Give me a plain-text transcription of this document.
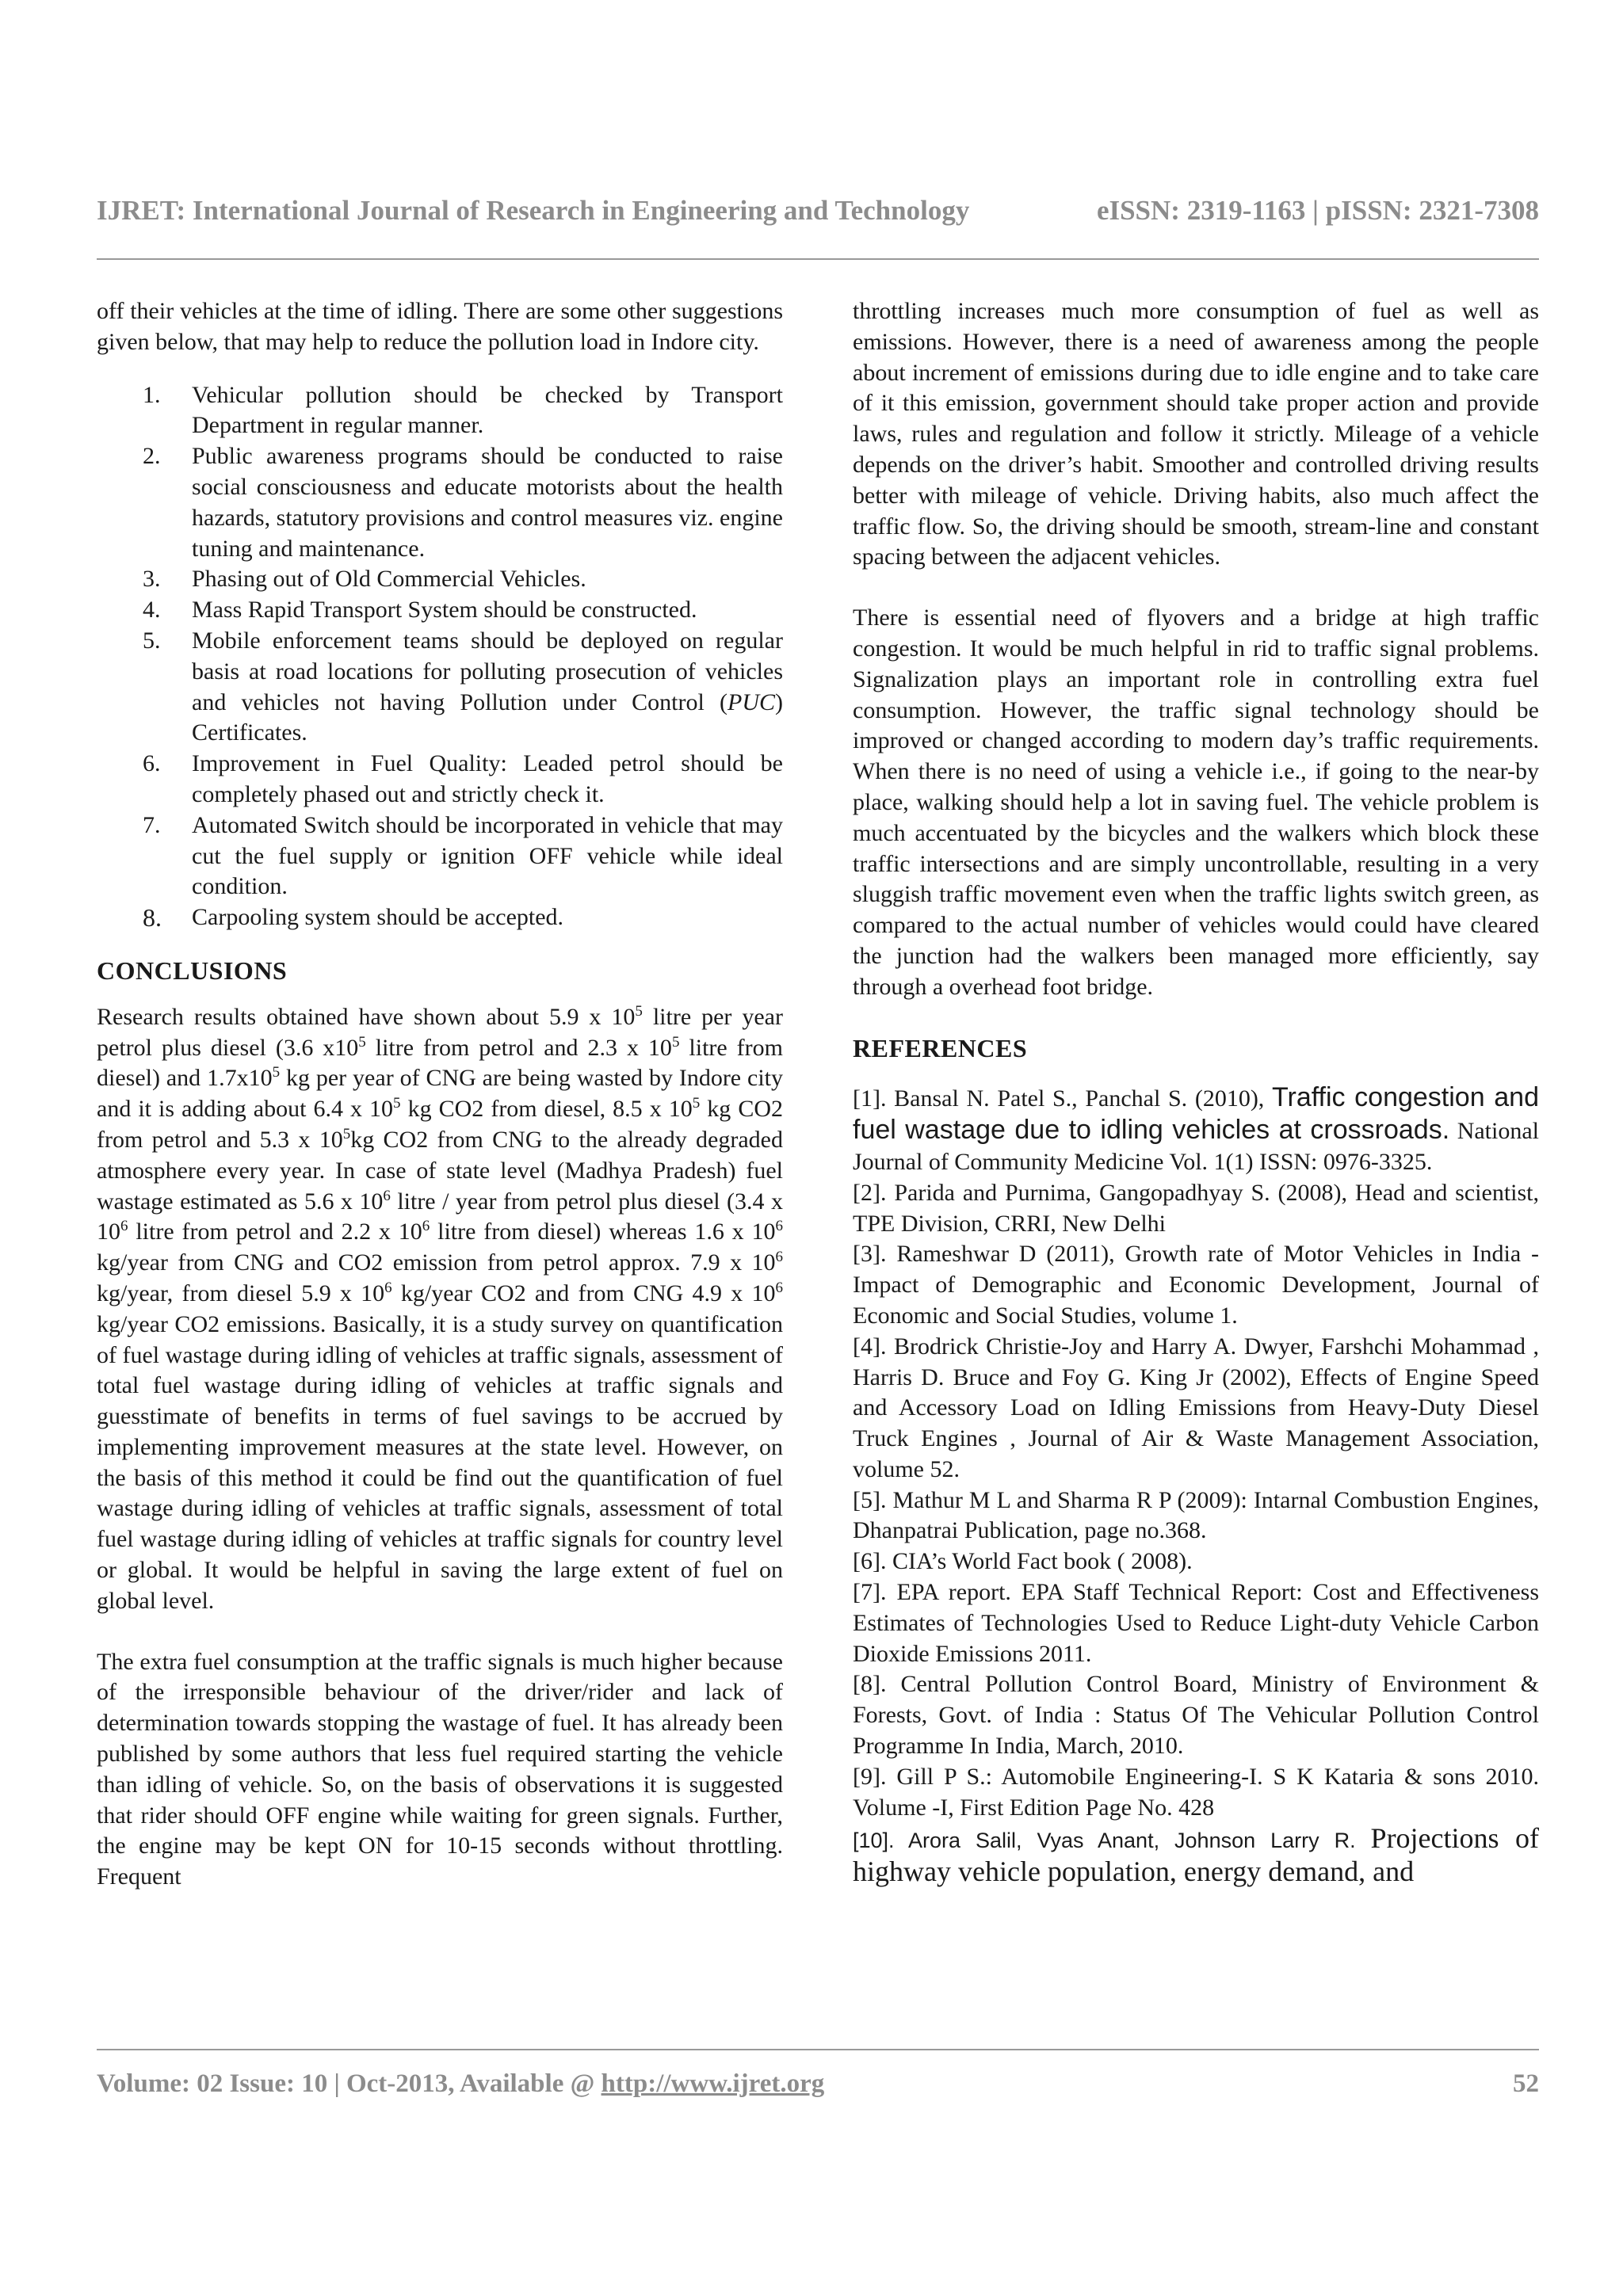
IJRET: International Journal of Research in Engineering and Technology	eISSN: 2319-1163 | pISSN: 2321-7308

off their vehicles at the time of idling. There are some other suggestions given below, that may help to reduce the pollution load in Indore city.

1.	Vehicular pollution should be checked by Transport Department in regular manner.
2.	Public awareness programs should be conducted to raise social consciousness and educate motorists about the health hazards, statutory provisions and control measures viz. engine tuning and maintenance.
3.	Phasing out of Old Commercial Vehicles.
4.	Mass Rapid Transport System should be constructed.
5.	Mobile enforcement teams should be deployed on regular basis at road locations for polluting prosecution of vehicles and vehicles not having Pollution under Control (PUC) Certificates.
6.	Improvement in Fuel Quality: Leaded petrol should be completely phased out and strictly check it.
7.	Automated Switch should be incorporated in vehicle that may cut the fuel supply or ignition OFF vehicle while ideal condition.
8.	Carpooling system should be accepted.
CONCLUSIONS

Research results obtained have shown about 5.9 x $10^5$ litre per year petrol plus diesel (3.6 $x10^5$ litre from petrol and 2.3 x $10^5$ litre from diesel) and $1.7x10^5$ kg per year of CNG are being wasted by Indore city and it is adding about 6.4 x $10^5$ kg CO2 from diesel, 8.5 x $10^5$ kg CO2 from petrol and 5.3 x $10^5kg$ CO2 from CNG to the already degraded atmosphere every year. In case of state level (Madhya Pradesh) fuel wastage estimated as 5.6 x $10^6$ litre / year from petrol plus diesel (3.4 x $10^6$ litre from petrol and 2.2 x $10^6$ litre from diesel) whereas 1.6 x $10^6$ kg/year from CNG and CO2 emission from petrol approx. 7.9 x $10^6$ kg/year, from diesel 5.9 x $10^6$ kg/year CO2 and from CNG 4.9 x $10^6$ kg/year CO2 emissions. Basically, it is a study survey on quantification of fuel wastage during idling of vehicles at traffic signals, assessment of total fuel wastage during idling of vehicles at traffic signals and guesstimate of benefits in terms of fuel savings to be accrued by implementing improvement measures at the state level. However, on the basis of this method it could be find out the quantification of fuel wastage during idling of vehicles at traffic signals, assessment of total fuel wastage during idling of vehicles at traffic signals for country level or global. It would be helpful in saving the large extent of fuel on global level.

The extra fuel consumption at the traffic signals is much higher because of the irresponsible behaviour of the driver/rider and lack of determination towards stopping the wastage of fuel. It has already been published by some authors that less fuel required starting the vehicle than idling of vehicle. So, on the basis of observations it is suggested that rider should OFF engine while waiting for green signals. Further, the engine may be kept ON for 10-15 seconds without throttling. Frequent

throttling increases much more consumption of fuel as well as emissions. However, there is a need of awareness among the people about increment of emissions during due to idle engine and to take care of it this emission, government should take proper action and provide laws, rules and regulation and follow it strictly. Mileage of a vehicle depends on the driver’s habit. Smoother and controlled driving results better with mileage of vehicle. Driving habits, also much affect the traffic flow. So, the driving should be smooth, stream-line and constant spacing between the adjacent vehicles.

There is essential need of flyovers and a bridge at high traffic congestion. It would be much helpful in rid to traffic signal problems. Signalization plays an important role in controlling extra fuel consumption. However, the traffic signal technology should be improved or changed according to modern day’s traffic requirements. When there is no need of using a vehicle i.e., if going to the near-by place, walking should help a lot in saving fuel. The vehicle problem is much accentuated by the bicycles and the walkers which block these traffic intersections and are simply uncontrollable, resulting in a very sluggish traffic movement even when the traffic lights switch green, as compared to the actual number of vehicles would could have cleared the junction had the walkers been managed more efficiently, say through a overhead foot bridge.

REFERENCES

[1]. Bansal N. Patel S., Panchal S. (2010), Traffic congestion and fuel wastage due to idling vehicles at crossroads. National Journal of Community Medicine Vol. 1(1) ISSN: 0976-3325.

[2]. Parida and Purnima, Gangopadhyay S. (2008), Head and scientist, TPE Division, CRRI, New Delhi

[3]. Rameshwar D (2011), Growth rate of Motor Vehicles in India - Impact of Demographic and Economic Development, Journal of Economic and Social Studies, volume 1.

[4]. Brodrick Christie-Joy and Harry A. Dwyer, Farshchi Mohammad , Harris D. Bruce and Foy G. King Jr (2002), Effects of Engine Speed and Accessory Load on Idling Emissions from Heavy-Duty Diesel Truck Engines , Journal of Air & Waste Management Association, volume 52.

[5]. Mathur M L and Sharma R P (2009): Intarnal Combustion Engines, Dhanpatrai Publication, page no.368.

[6]. CIA’s World Fact book ( 2008).

[7]. EPA report. EPA Staff Technical Report: Cost and Effectiveness Estimates of Technologies Used to Reduce Light-duty Vehicle Carbon Dioxide Emissions 2011.

[8]. Central Pollution Control Board, Ministry of Environment & Forests, Govt. of India : Status Of The Vehicular Pollution Control Programme In India, March, 2010.

[9]. Gill P S.: Automobile Engineering-I. S K Kataria & sons 2010. Volume -I, First Edition Page No. 428

[10]. Arora Salil, Vyas Anant, Johnson Larry R. Projections of highway vehicle population, energy demand, and

Volume: 02 Issue: 10 | Oct-2013, Available @ http://www.ijret.org	52
